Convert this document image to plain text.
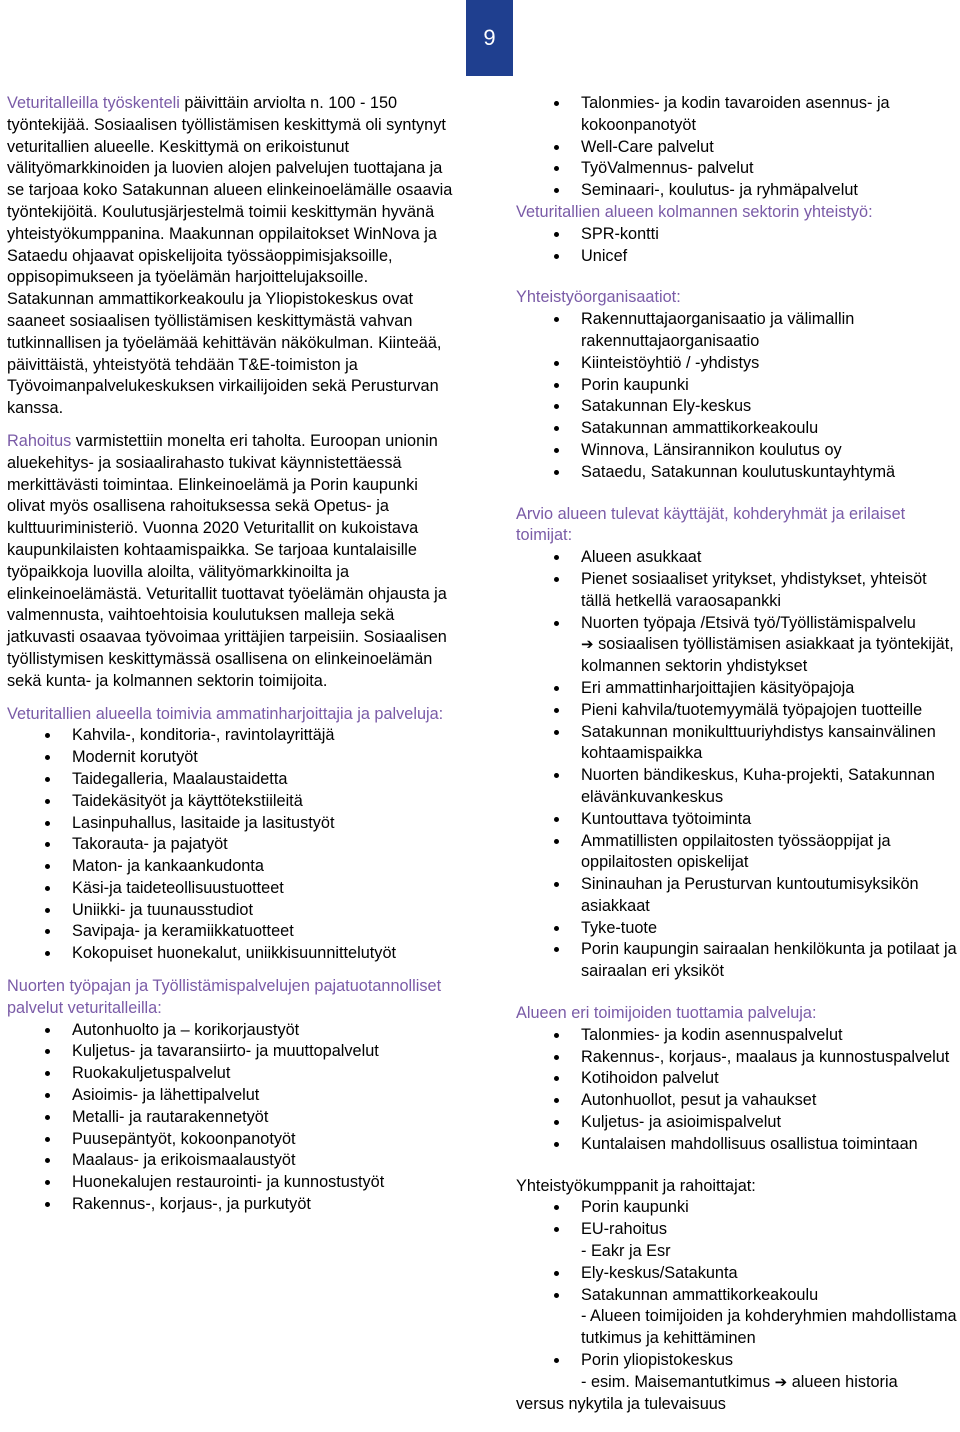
9

Veturitalleilla työskenteli päivittäin arviolta n. 100 - 150 työntekijää. Sosiaalisen työllistämisen keskittymä oli syntynyt veturitallien alueelle. Keskittymä on erikoistunut välityömarkkinoiden ja luovien alojen palvelujen tuottajana ja se tarjoaa koko Satakunnan alueen elinkeinoelämälle osaavia työntekijöitä. Koulutusjärjestelmä toimii keskittymän hyvänä yhteistyökumppanina. Maakunnan oppilaitokset WinNova ja Sataedu ohjaavat opiskelijoita työssäoppimisjaksoille, oppisopimukseen ja työelämän harjoittelujaksoille. Satakunnan ammattikorkeakoulu ja Yliopistokeskus ovat saaneet sosiaalisen työllistämisen keskittymästä vahvan tutkinnallisen ja työelämää kehittävän näkökulman. Kiinteää, päivittäistä, yhteistyötä tehdään T&E-toimiston ja Työvoimanpalvelukeskuksen virkailijoiden sekä Perusturvan kanssa.

Rahoitus varmistettiin monelta eri taholta. Euroopan unionin aluekehitys- ja sosiaalirahasto tukivat käynnistettäessä merkittävästi toimintaa. Elinkeinoelämä ja Porin kaupunki olivat myös osallisena rahoituksessa sekä Opetus- ja kulttuuriministeriö. Vuonna 2020 Veturitallit on kukoistava kaupunkilaisten kohtaamispaikka. Se tarjoaa kuntalaisille työpaikkoja luovilla aloilta, välityömarkkinoilta ja elinkeinoelämästä. Veturitallit tuottavat työelämän ohjausta ja valmennusta, vaihtoehtoisia koulutuksen malleja sekä jatkuvasti osaavaa työvoimaa yrittäjien tarpeisiin. Sosiaalisen työllistymisen keskittymässä osallisena on elinkeinoelämän sekä kunta- ja kolmannen sektorin toimijoita.

Veturitallien alueella toimivia ammatinharjoittajia ja palveluja:

Kahvila-, konditoria-, ravintolayrittäjä
Modernit korutyöt
Taidegalleria, Maalaustaidetta
Taidekäsityöt ja käyttötekstiileitä
Lasinpuhallus, lasitaide ja lasitustyöt
Takorauta- ja pajatyöt
Maton- ja kankaankudonta
Käsi-ja taideteollisuustuotteet
Uniikki- ja tuunausstudiot
Savipaja- ja keramiikkatuotteet
Kokopuiset huonekalut, uniikkisuunnittelutyöt

Nuorten työpajan ja Työllistämispalvelujen pajatuotannolliset palvelut veturitalleilla:

Autonhuolto ja – korikorjaustyöt
Kuljetus- ja tavaransiirto- ja muuttopalvelut
Ruokakuljetuspalvelut
Asioimis- ja lähettipalvelut
Metalli- ja rautarakennetyöt
Puusepäntyöt, kokoonpanotyöt
Maalaus- ja erikoismaalaustyöt
Huonekalujen restaurointi- ja kunnostustyöt
Rakennus-, korjaus-, ja purkutyöt
Talonmies- ja kodin tavaroiden asennus- ja kokoonpanotyöt
Well-Care palvelut
TyöValmennus- palvelut
Seminaari-, koulutus- ja ryhmäpalvelut

Veturitallien alueen kolmannen sektorin yhteistyö:

SPR-kontti
Unicef

Yhteistyöorganisaatiot:

Rakennuttajaorganisaatio ja välimallin rakennuttajaorganisaatio
Kiinteistöyhtiö / -yhdistys
Porin kaupunki
Satakunnan Ely-keskus
Satakunnan ammattikorkeakoulu
Winnova, Länsirannikon koulutus oy
Sataedu, Satakunnan koulutuskuntayhtymä

Arvio alueen tulevat käyttäjät, kohderyhmät ja erilaiset toimijat:

Alueen asukkaat
Pienet sosiaaliset yritykset, yhdistykset, yhteisöt tällä hetkellä varaosapankki
Nuorten työpaja /Etsivä työ/Työllistämispalvelu
➔ sosiaalisen työllistämisen asiakkaat ja työntekijät, kolmannen sektorin yhdistykset
Eri ammattinharjoittajien käsityöpajoja
Pieni kahvila/tuotemyymälä työpajojen tuotteille
Satakunnan monikulttuuriyhdistys kansainvälinen kohtaamispaikka
Nuorten bändikeskus, Kuha-projekti, Satakunnan elävänkuvankeskus
Kuntouttava työtoiminta
Ammatillisten oppilaitosten työssäoppijat ja oppilaitosten opiskelijat
Sininauhan ja Perusturvan kuntoutumisyksikön asiakkaat
Tyke-tuote
Porin kaupungin sairaalan henkilökunta ja potilaat ja sairaalan eri yksiköt

Alueen eri toimijoiden tuottamia palveluja:

Talonmies- ja kodin asennuspalvelut
Rakennus-, korjaus-, maalaus ja kunnostuspalvelut
Kotihoidon palvelut
Autonhuollot, pesut ja vahaukset
Kuljetus- ja asioimispalvelut
Kuntalaisen mahdollisuus osallistua toimintaan

Yhteistyökumppanit ja rahoittajat:

Porin kaupunki
EU-rahoitus
- Eakr ja Esr
Ely-keskus/Satakunta
Satakunnan ammattikorkeakoulu
- Alueen toimijoiden ja kohderyhmien mahdollistama tutkimus ja kehittäminen
Porin yliopistokeskus
- esim. Maisemantutkimus ➔ alueen historia
versus nykytila ja tulevaisuus
